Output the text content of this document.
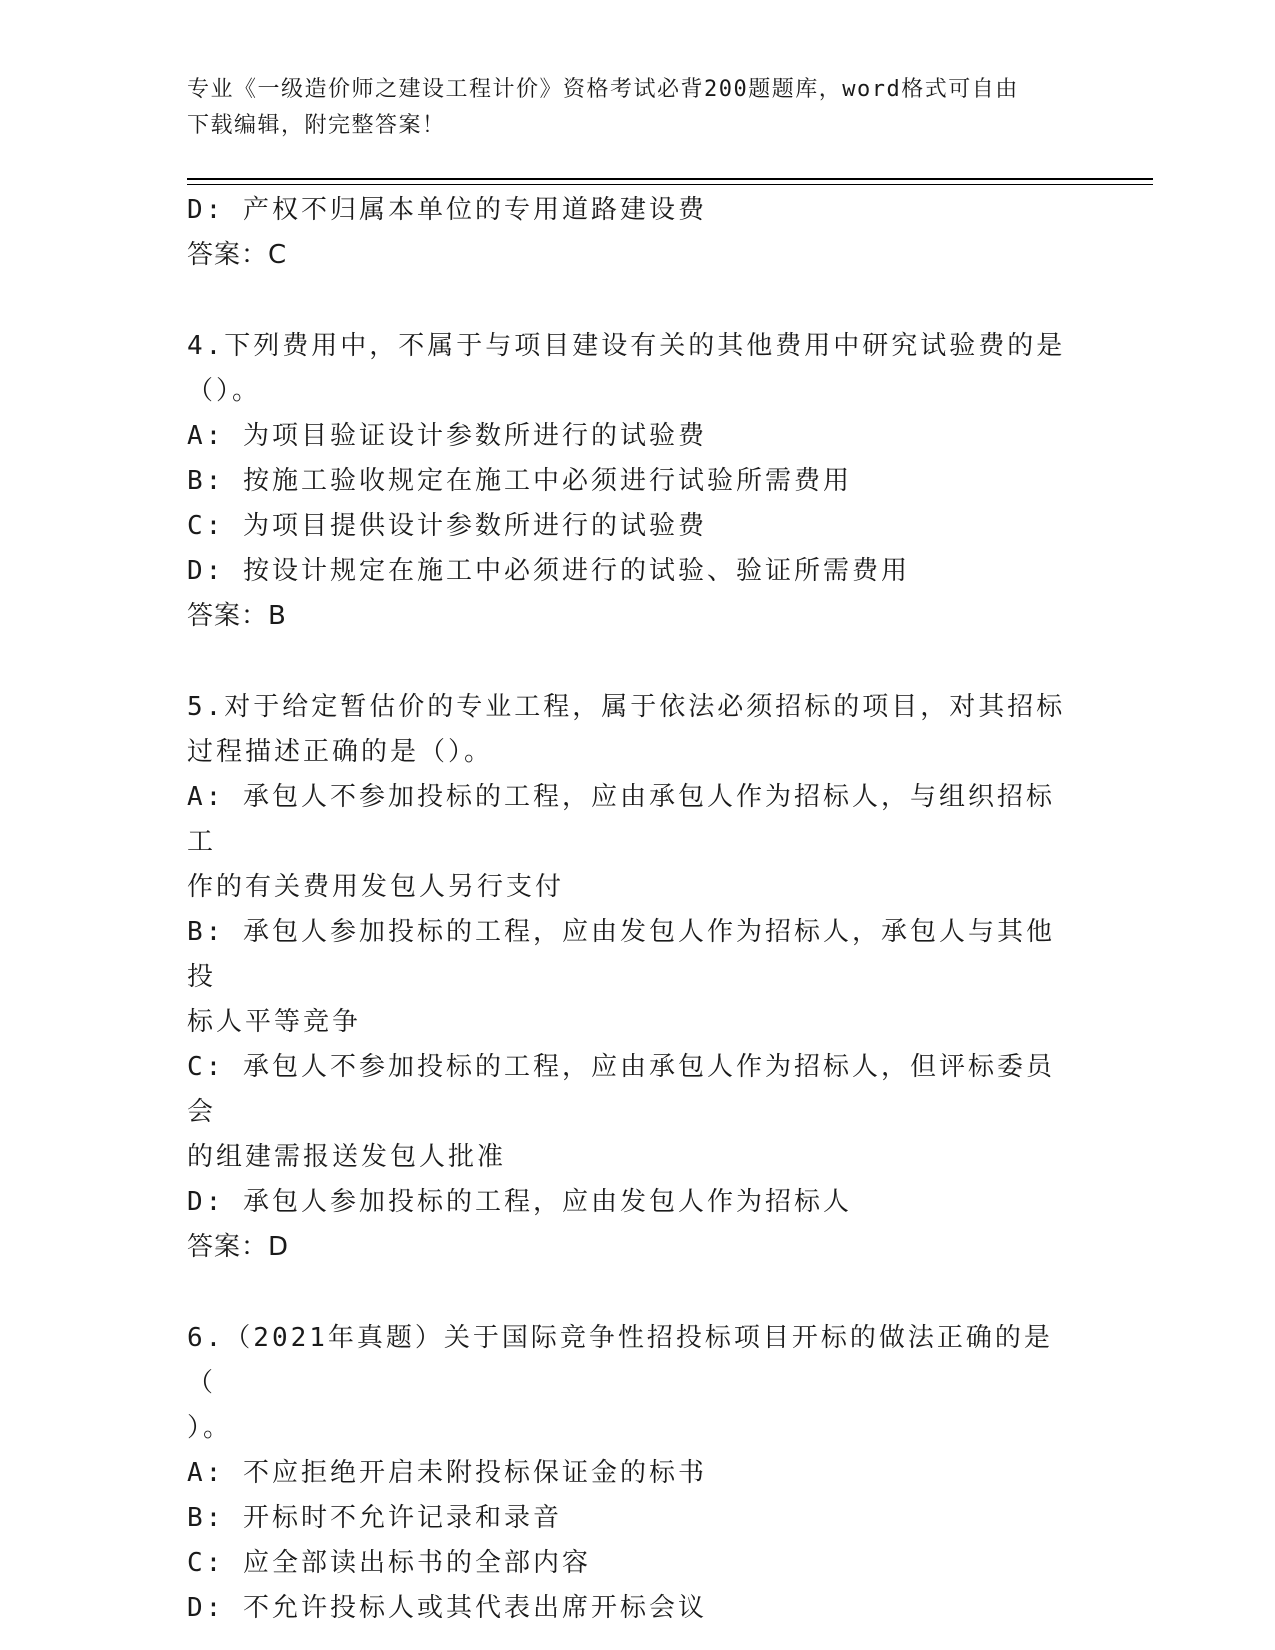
专业《一级造价师之建设工程计价》资格考试必背200题题库，word格式可自由
下载编辑，附完整答案！

D: 产权不归属本单位的专用道路建设费

答案：C

4.下列费用中，不属于与项目建设有关的其他费用中研究试验费的是

（）。

A: 为项目验证设计参数所进行的试验费

B: 按施工验收规定在施工中必须进行试验所需费用

C: 为项目提供设计参数所进行的试验费

D: 按设计规定在施工中必须进行的试验、验证所需费用

答案：B

5.对于给定暂估价的专业工程，属于依法必须招标的项目，对其招标

过程描述正确的是（）。

A: 承包人不参加投标的工程，应由承包人作为招标人，与组织招标工

作的有关费用发包人另行支付

B: 承包人参加投标的工程，应由发包人作为招标人，承包人与其他投

标人平等竞争

C: 承包人不参加投标的工程，应由承包人作为招标人，但评标委员会

的组建需报送发包人批准

D: 承包人参加投标的工程，应由发包人作为招标人

答案：D

6.（2021年真题）关于国际竞争性招投标项目开标的做法正确的是（

）。

A: 不应拒绝开启未附投标保证金的标书

B: 开标时不允许记录和录音

C: 应全部读出标书的全部内容

D: 不允许投标人或其代表出席开标会议
